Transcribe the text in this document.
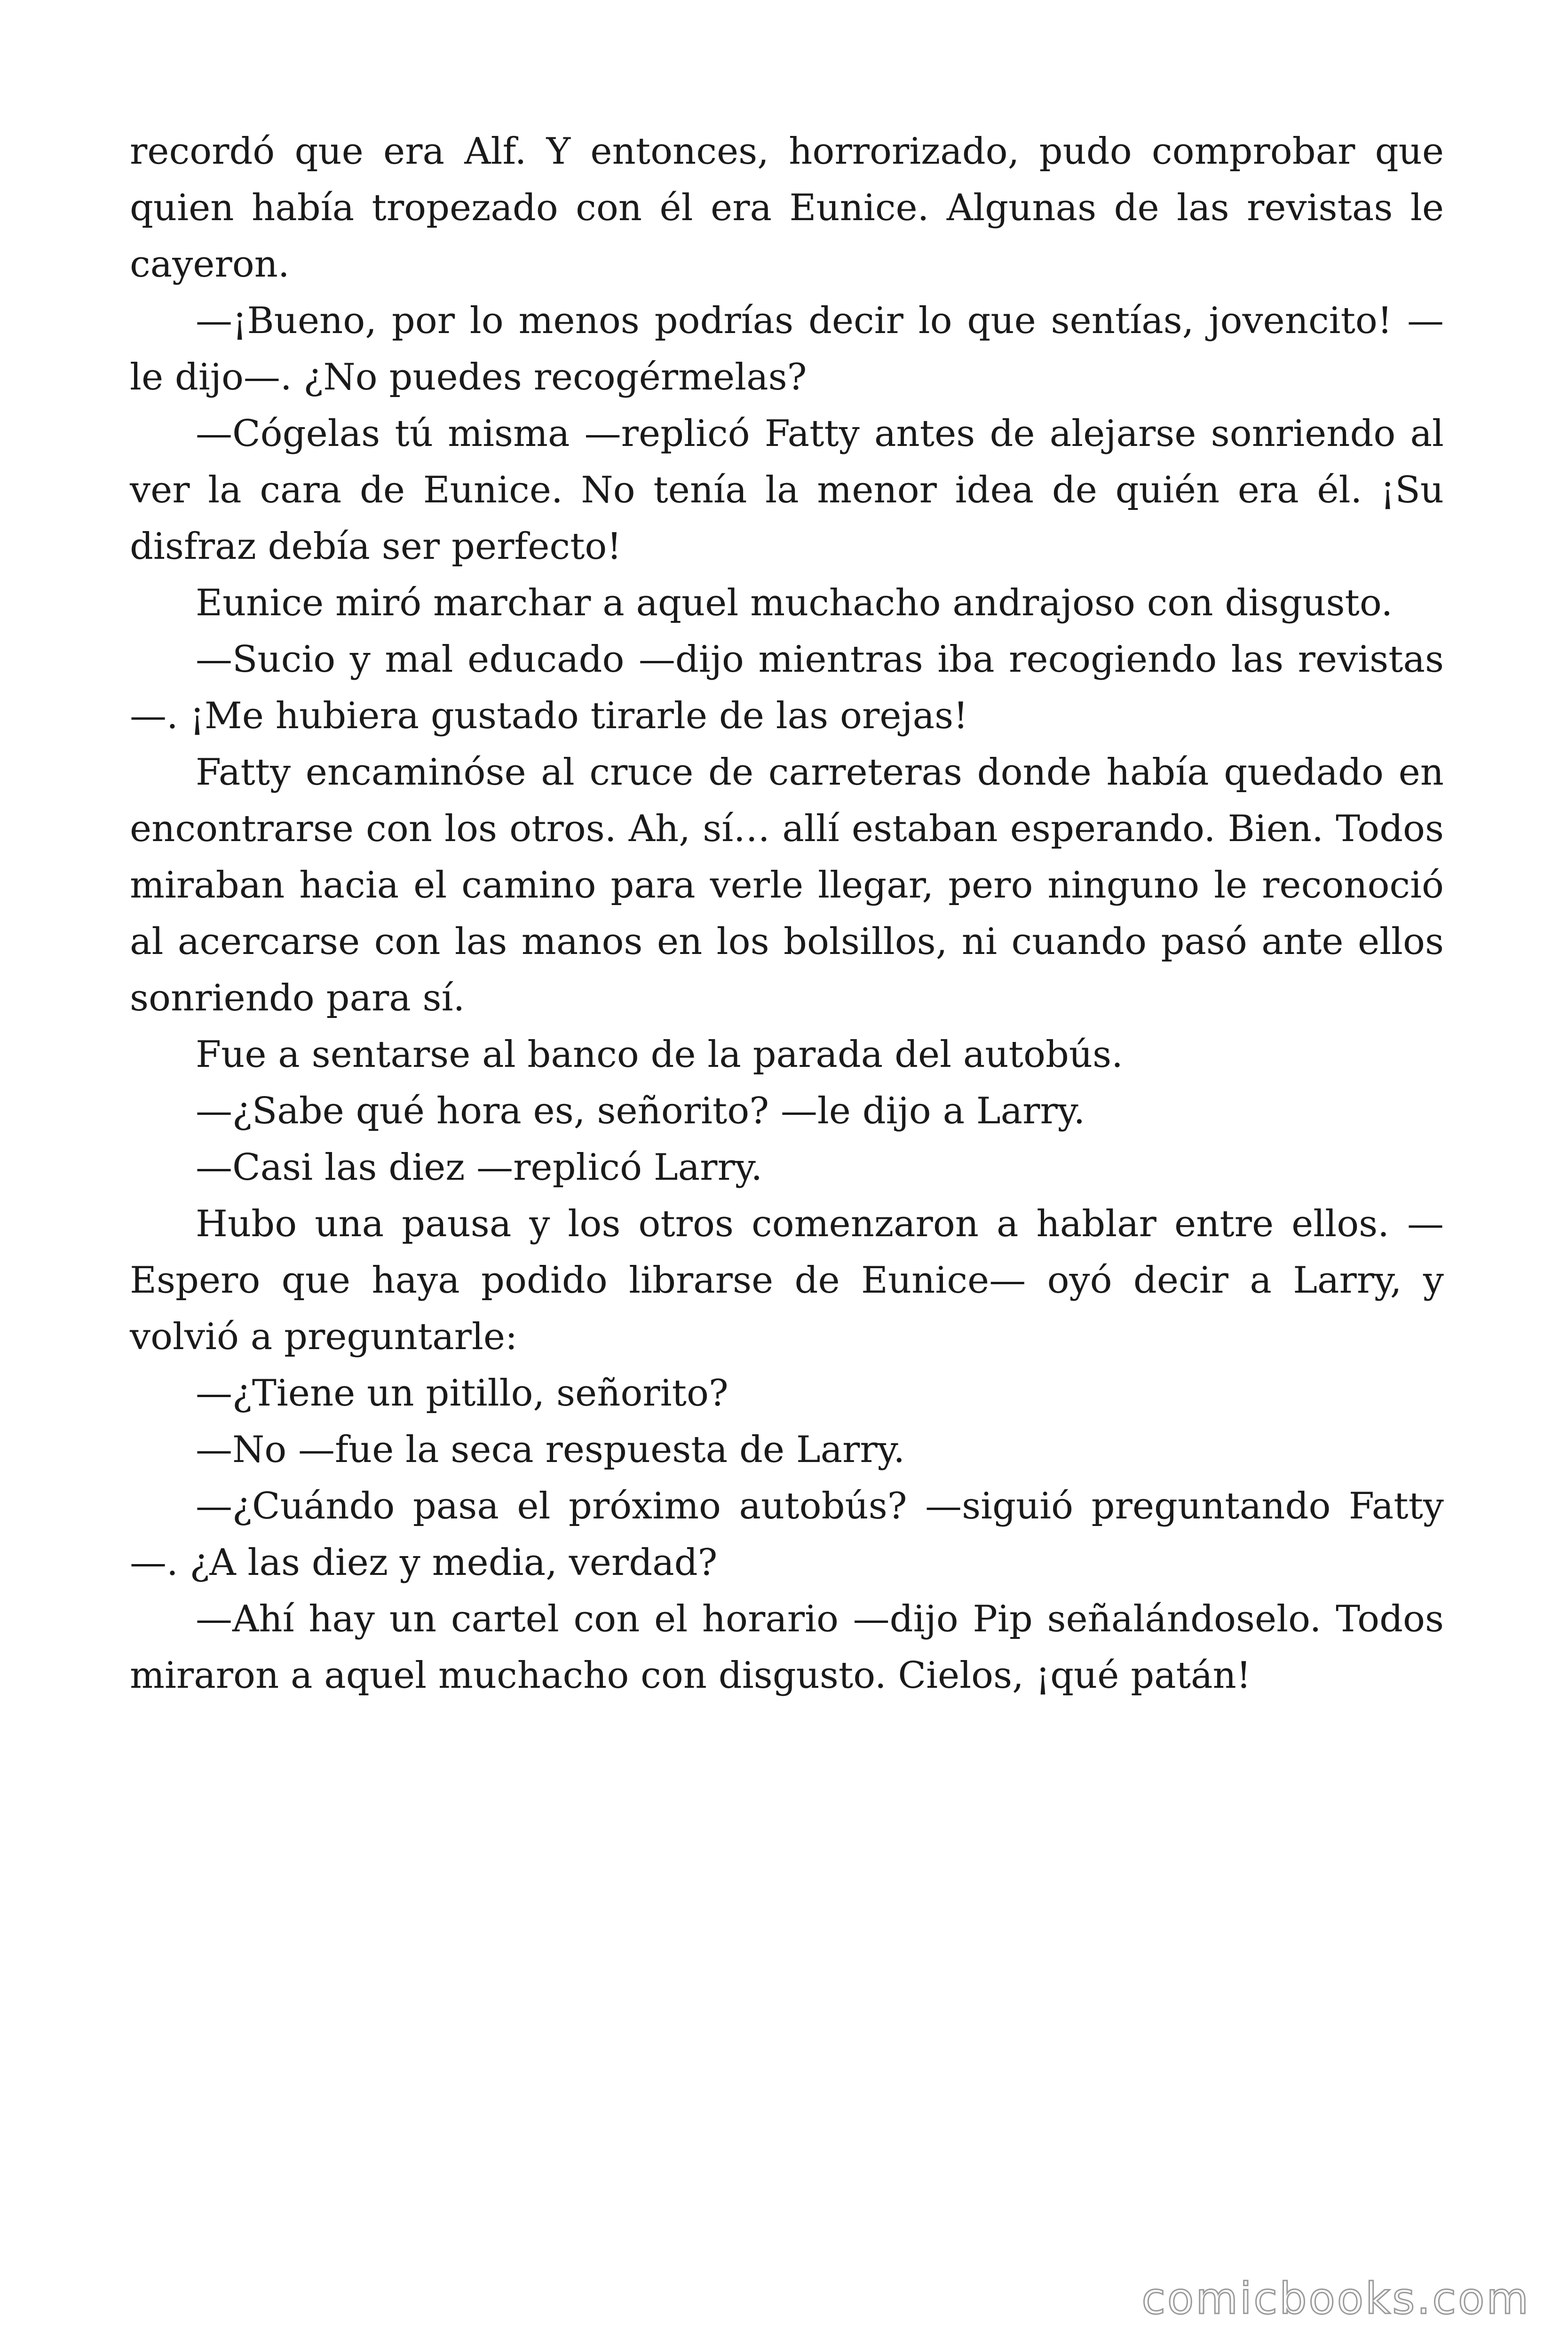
recordó que era Alf. Y entonces, horrorizado, pudo comprobar que quien había tropezado con él era Eunice. Algunas de las revistas le cayeron.

—¡Bueno, por lo menos podrías decir lo que sentías, jovencito! —le dijo—. ¿No puedes recogérmelas?

—Cógelas tú misma —replicó Fatty antes de alejarse sonriendo al ver la cara de Eunice. No tenía la menor idea de quién era él. ¡Su disfraz debía ser perfecto!

Eunice miró marchar a aquel muchacho andrajoso con disgusto.

—Sucio y mal educado —dijo mientras iba recogiendo las revistas—. ¡Me hubiera gustado tirarle de las orejas!

Fatty encaminóse al cruce de carreteras donde había quedado en encontrarse con los otros. Ah, sí… allí estaban esperando. Bien. Todos miraban hacia el camino para verle llegar, pero ninguno le reconoció al acercarse con las manos en los bolsillos, ni cuando pasó ante ellos sonriendo para sí.

Fue a sentarse al banco de la parada del autobús.

—¿Sabe qué hora es, señorito? —le dijo a Larry.

—Casi las diez —replicó Larry.

Hubo una pausa y los otros comenzaron a hablar entre ellos. —Espero que haya podido librarse de Eunice— oyó decir a Larry, y volvió a preguntarle:

—¿Tiene un pitillo, señorito?

—No —fue la seca respuesta de Larry.

—¿Cuándo pasa el próximo autobús? —siguió preguntando Fatty—. ¿A las diez y media, verdad?

—Ahí hay un cartel con el horario —dijo Pip señalándoselo. Todos miraron a aquel muchacho con disgusto. Cielos, ¡qué patán!

comicbooks.com
